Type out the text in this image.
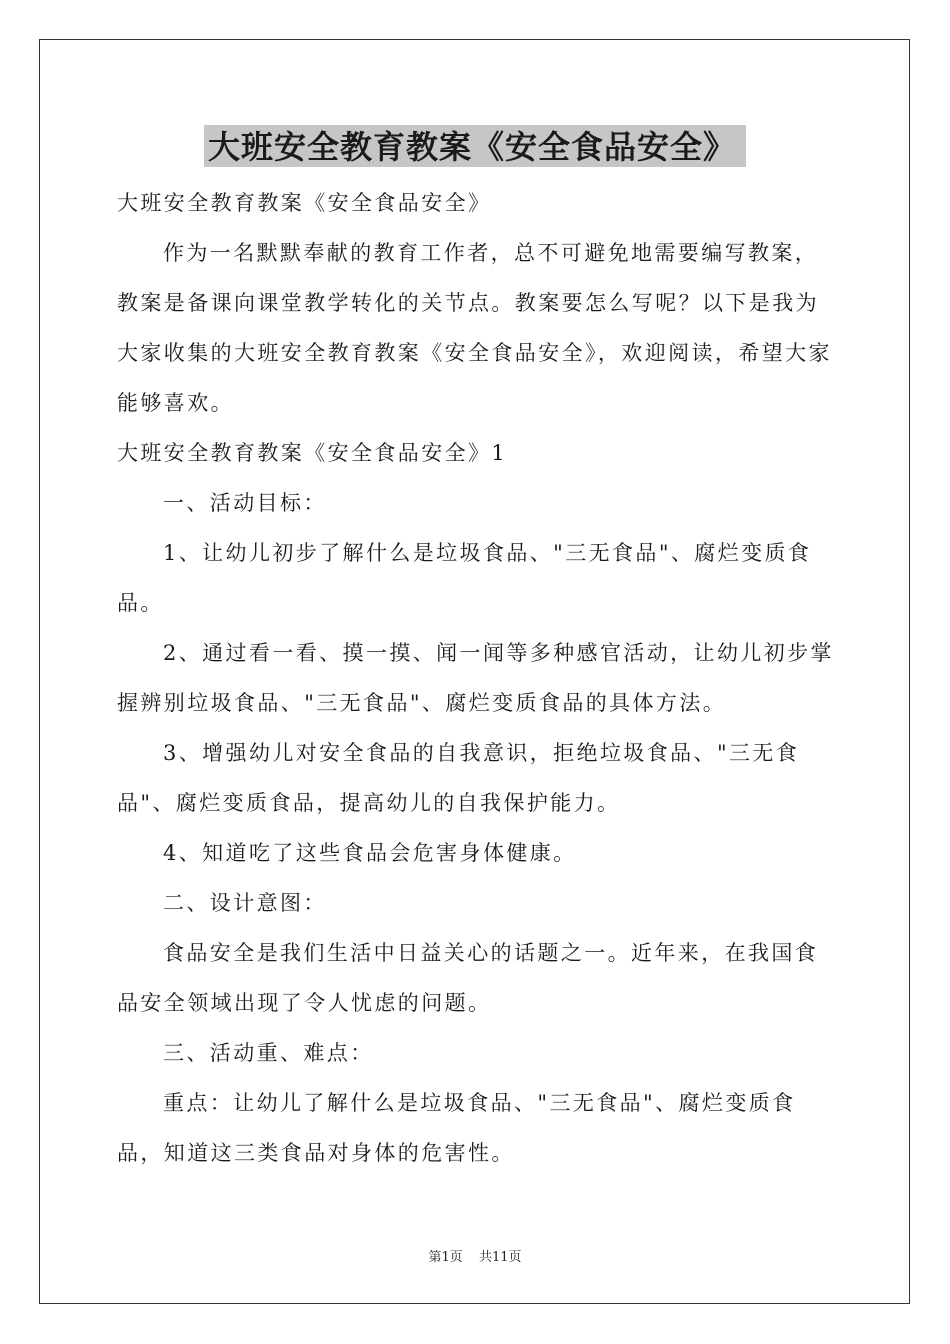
大班安全教育教案《安全食品安全》

大班安全教育教案《安全食品安全》

作为一名默默奉献的教育工作者，总不可避免地需要编写教案，教案是备课向课堂教学转化的关节点。教案要怎么写呢？以下是我为大家收集的大班安全教育教案《安全食品安全》，欢迎阅读，希望大家能够喜欢。

大班安全教育教案《安全食品安全》1

一、活动目标：

1、让幼儿初步了解什么是垃圾食品、"三无食品"、腐烂变质食品。

2、通过看一看、摸一摸、闻一闻等多种感官活动，让幼儿初步掌握辨别垃圾食品、"三无食品"、腐烂变质食品的具体方法。

3、增强幼儿对安全食品的自我意识，拒绝垃圾食品、"三无食品"、腐烂变质食品，提高幼儿的自我保护能力。

4、知道吃了这些食品会危害身体健康。

二、设计意图：

食品安全是我们生活中日益关心的话题之一。近年来，在我国食品安全领域出现了令人忧虑的问题。

三、活动重、难点：

重点：让幼儿了解什么是垃圾食品、"三无食品"、腐烂变质食品，知道这三类食品对身体的危害性。

第1页 共11页
